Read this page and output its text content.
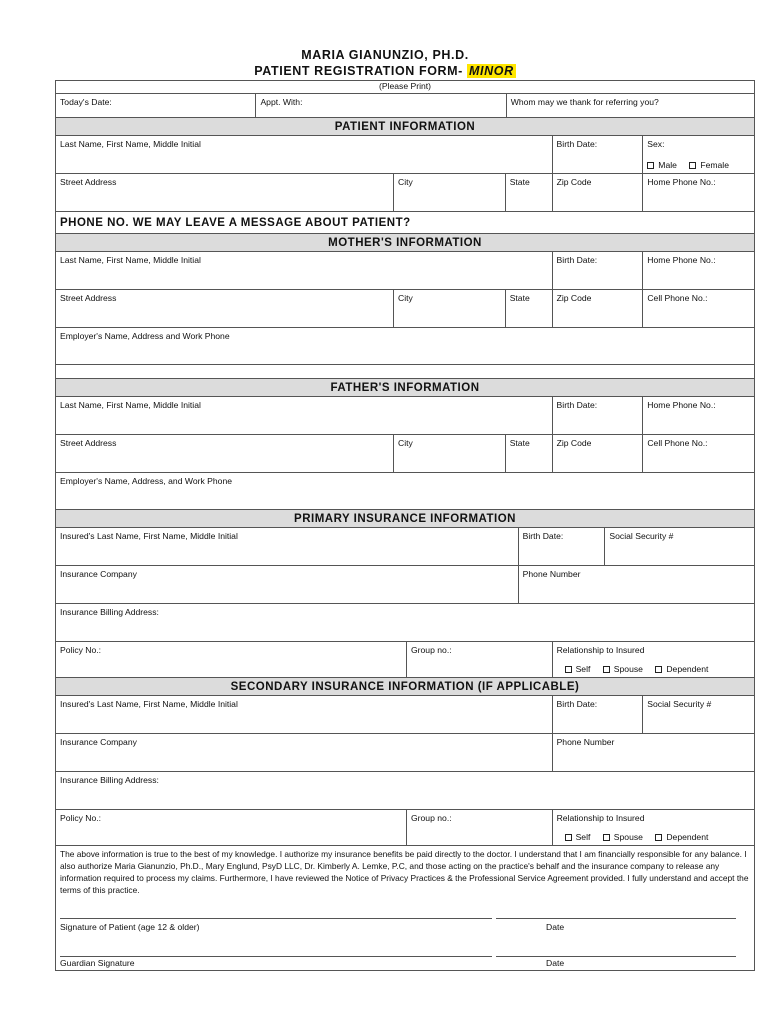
MARIA GIANUNZIO, PH.D.
PATIENT REGISTRATION FORM- MINOR
(Please Print)
Today's Date:	Appt. With:	Whom may we thank for referring you?
PATIENT INFORMATION
Last Name, First Name, Middle Initial	Birth Date:	Sex:
Male	Female
Street Address	City	State	Zip Code	Home Phone No.:
PHONE NO. WE MAY LEAVE A MESSAGE ABOUT PATIENT?
MOTHER'S INFORMATION
Last Name, First Name, Middle Initial	Birth Date:	Home Phone No.:
Street Address	City	State	Zip Code	Cell Phone No.:
Employer's Name, Address and Work Phone
FATHER'S INFORMATION
Last Name, First Name, Middle Initial	Birth Date:	Home Phone No.:
Street Address	City	State	Zip Code	Cell Phone No.:
Employer's Name, Address, and Work Phone
PRIMARY INSURANCE INFORMATION
Insured's Last Name, First Name, Middle Initial	Birth Date:	Social Security #
Insurance Company	Phone Number
Insurance Billing Address:
Policy No.:	Group no.:	Relationship to Insured
Self	Spouse	Dependent
SECONDARY INSURANCE INFORMATION (IF APPLICABLE)
Insured's Last Name, First Name, Middle Initial	Birth Date:	Social Security #
Insurance Company	Phone Number
Insurance Billing Address:
Policy No.:	Group no.:	Relationship to Insured
Self	Spouse	Dependent
The above information is true to the best of my knowledge. I authorize my insurance benefits be paid directly to the doctor. I understand that I am financially responsible for any balance. I also authorize Maria Gianunzio, Ph.D., Mary Englund, PsyD LLC, Dr. Kimberly A. Lemke, P.C, and those acting on the practice's behalf and the insurance company to release any information required to process my claims. Furthermore, I have reviewed the Notice of Privacy Practices & the Professional Service Agreement provided. I fully understand and accept the terms of this practice.
Signature of Patient (age 12 & older)	Date
Guardian Signature	Date
